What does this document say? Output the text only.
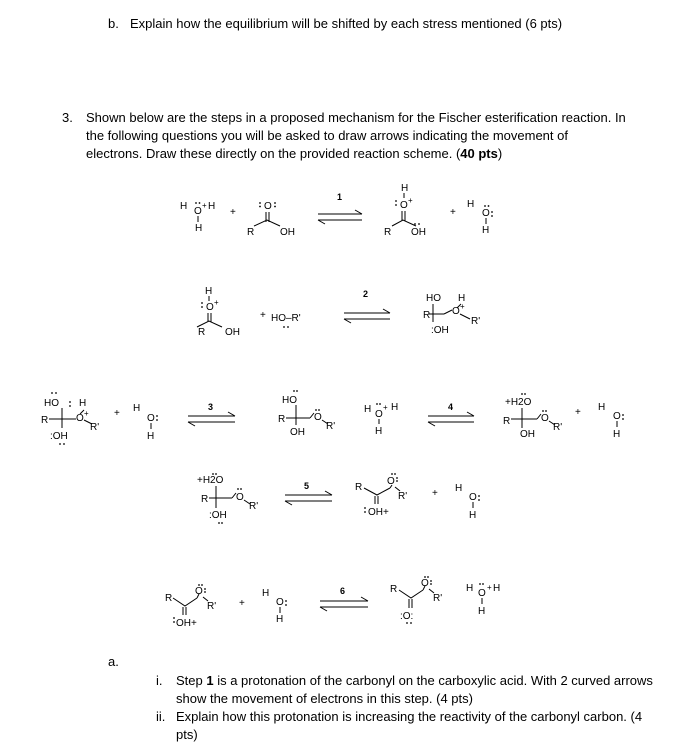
b. Explain how the equilibrium will be shifted by each stress mentioned (6 pts)
3. Shown below are the steps in a proposed mechanism for the Fischer esterification reaction. In the following questions you will be asked to draw arrows indicating the movement of electrons. Draw these directly on the provided reaction scheme. (40 pts)
H O H
H
+
+
O
R	OH
1
H
O +
R OH
+
H
O
H
H
O +
R OH
+ HO–R'
2	HO H
R O +
R'
:OH
HO H
R	O +
R'
:OH
+ H
O
H
3
HO
R	O
R'
OH
H O
H
+
H
4	+H2O
R	O
R'
OH
+ H
O
H
+H2O
R	O
R'
:OH
5	R
O
R'
OH+
+ H
O
H
R
O
R'
OH+
+
H
O
H
6	R
O
R'
:O:
H O H
+
H
a.
i. Step 1 is a protonation of the carbonyl on the carboxylic acid. With 2 curved arrows show the movement of electrons in this step. (4 pts)
ii. Explain how this protonation is increasing the reactivity of the carbonyl carbon. (4 pts)
